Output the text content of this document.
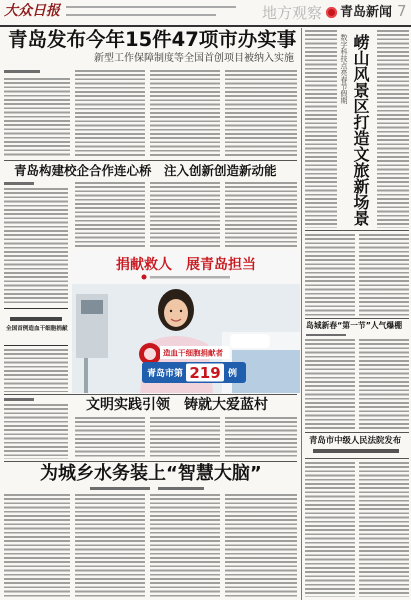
大众日报	地方观察 青岛新闻 7
青岛发布今年15件47项市办实事
新型工作保障制度等全国首创项目被纳入实施
青岛构建校企合作连心桥　注入创新创造新动能
全国首例造血干细胞捐献
捐献救人　展青岛担当
造血干细胞捐献者
青岛市第 219 例
文明实践引领　铸就大爱蓝村
为城乡水务装上“智慧大脑”
数字科技点亮春节假期 崂山风景区打造文旅新场景
岛城新春“第一节”人气爆棚
青岛市中级人民法院发布
